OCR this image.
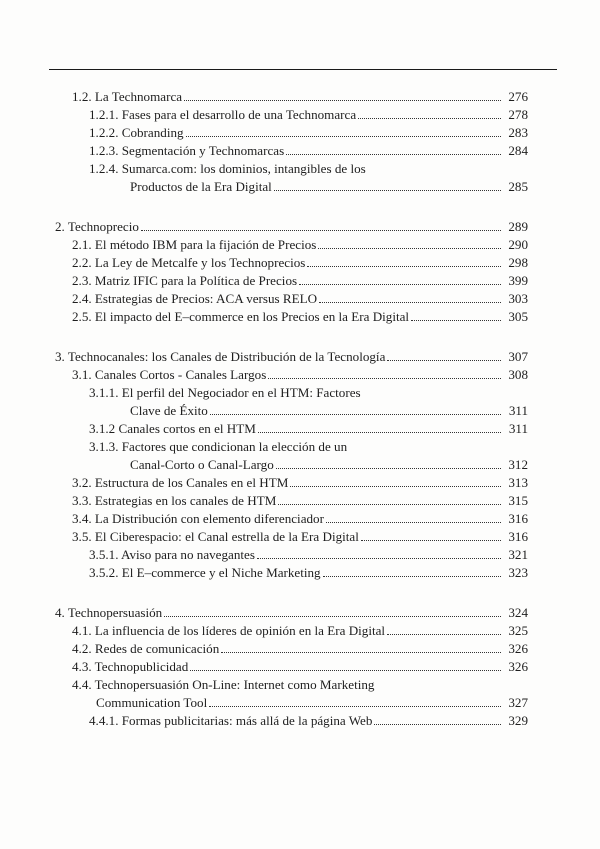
1.2. La Technomarca	276
1.2.1. Fases para el desarrollo de una Technomarca	278
1.2.2. Cobranding	283
1.2.3. Segmentación y Technomarcas	284
1.2.4. Sumarca.com: los dominios, intangibles de los
Productos de la Era Digital	285
2. Technoprecio	289
2.1. El método IBM para la fijación de Precios	290
2.2. La Ley de Metcalfe y los Technoprecios	298
2.3. Matriz IFIC para la Política de Precios	399
2.4. Estrategias de Precios: ACA versus RELO	303
2.5. El impacto del E–commerce en los Precios en la Era Digital	305
3. Technocanales: los Canales de Distribución de la Tecnología	307
3.1. Canales Cortos - Canales Largos	308
3.1.1. El perfil del Negociador en el HTM: Factores
Clave de Éxito	311
3.1.2 Canales cortos en el HTM	311
3.1.3. Factores que condicionan la elección de un
Canal-Corto o Canal-Largo	312
3.2. Estructura de los Canales en el HTM	313
3.3. Estrategias en los canales de HTM	315
3.4. La Distribución con elemento diferenciador	316
3.5. El Ciberespacio: el Canal estrella de la Era Digital	316
3.5.1. Aviso para no navegantes	321
3.5.2. El E–commerce y el Niche Marketing	323
4. Technopersuasión	324
4.1. La influencia de los líderes de opinión en la Era Digital	325
4.2. Redes de comunicación	326
4.3. Technopublicidad	326
4.4. Technopersuasión On-Line: Internet como Marketing
Communication Tool	327
4.4.1. Formas publicitarias: más allá de la página Web	329
